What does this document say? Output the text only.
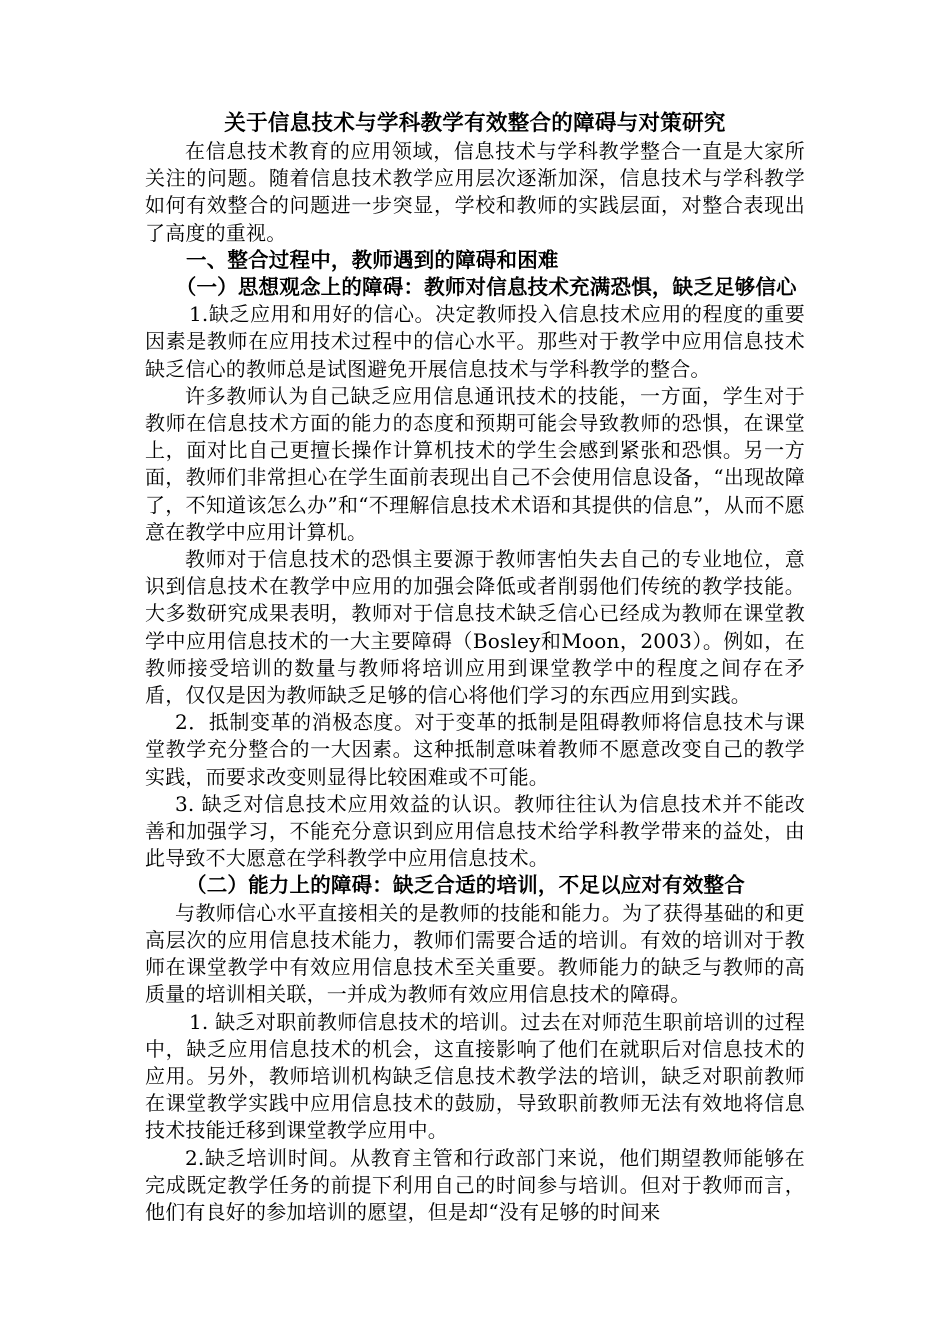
关于信息技术与学科教学有效整合的障碍与对策研究

在信息技术教育的应用领域，信息技术与学科教学整合一直是大家所关注的问题。随着信息技术教学应用层次逐渐加深，信息技术与学科教学如何有效整合的问题进一步突显，学校和教师的实践层面，对整合表现出了高度的重视。

一、整合过程中，教师遇到的障碍和困难

（一）思想观念上的障碍：教师对信息技术充满恐惧，缺乏足够信心

1.缺乏应用和用好的信心。决定教师投入信息技术应用的程度的重要因素是教师在应用技术过程中的信心水平。那些对于教学中应用信息技术缺乏信心的教师总是试图避免开展信息技术与学科教学的整合。

许多教师认为自己缺乏应用信息通讯技术的技能，一方面，学生对于教师在信息技术方面的能力的态度和预期可能会导致教师的恐惧，在课堂上，面对比自己更擅长操作计算机技术的学生会感到紧张和恐惧。另一方面，教师们非常担心在学生面前表现出自己不会使用信息设备，“出现故障了，不知道该怎么办”和“不理解信息技术术语和其提供的信息”，从而不愿意在教学中应用计算机。

教师对于信息技术的恐惧主要源于教师害怕失去自己的专业地位，意识到信息技术在教学中应用的加强会降低或者削弱他们传统的教学技能。大多数研究成果表明，教师对于信息技术缺乏信心已经成为教师在课堂教学中应用信息技术的一大主要障碍（Bosley和Moon，2003）。例如，在教师接受培训的数量与教师将培训应用到课堂教学中的程度之间存在矛盾，仅仅是因为教师缺乏足够的信心将他们学习的东西应用到实践。

2．抵制变革的消极态度。对于变革的抵制是阻碍教师将信息技术与课堂教学充分整合的一大因素。这种抵制意味着教师不愿意改变自己的教学实践，而要求改变则显得比较困难或不可能。

3. 缺乏对信息技术应用效益的认识。教师往往认为信息技术并不能改善和加强学习，不能充分意识到应用信息技术给学科教学带来的益处，由此导致不大愿意在学科教学中应用信息技术。

（二）能力上的障碍：缺乏合适的培训，不足以应对有效整合

与教师信心水平直接相关的是教师的技能和能力。为了获得基础的和更高层次的应用信息技术能力，教师们需要合适的培训。有效的培训对于教师在课堂教学中有效应用信息技术至关重要。教师能力的缺乏与教师的高质量的培训相关联，一并成为教师有效应用信息技术的障碍。

1. 缺乏对职前教师信息技术的培训。过去在对师范生职前培训的过程中，缺乏应用信息技术的机会，这直接影响了他们在就职后对信息技术的应用。另外，教师培训机构缺乏信息技术教学法的培训，缺乏对职前教师在课堂教学实践中应用信息技术的鼓励，导致职前教师无法有效地将信息技术技能迁移到课堂教学应用中。

2.缺乏培训时间。从教育主管和行政部门来说，他们期望教师能够在完成既定教学任务的前提下利用自己的时间参与培训。但对于教师而言，他们有良好的参加培训的愿望，但是却“没有足够的时间来
